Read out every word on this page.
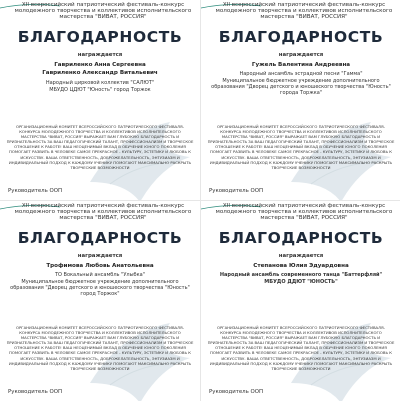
XII всероссийский патриотический фестиваль-конкурс молодежного творчества и коллективов исполнительского мастерства "ВИВАТ, РОССИЯ"
БЛАГОДАРНОСТЬ
награждается
Гавриленко Анна Сергеевна
Гавриленко Александр Витальевич
Народный цирковой коллектив "САЛЮТ"
МБУДО ЦДЮТ "Юность" город Торжок
ОРГАНИЗАЦИОННЫЙ КОМИТЕТ ВСЕРОССИЙСКОГО ПАТРИОТИЧЕСКОГО ФЕСТИВАЛЯ-КОНКУРСА МОЛОДЕЖНОГО ТВОРЧЕСТВА И КОЛЛЕКТИВОВ ИСПОЛНИТЕЛЬСКОГО МАСТЕРСТВА "ВИВАТ, РОССИЯ" ВЫРАЖАЕТ ВАМ ГЛУБОКУЮ БЛАГОДАРНОСТЬ И ПРИЗНАТЕЛЬНОСТЬ ЗА ВАШ ПЕДАГОГИЧЕСКИЙ ТАЛАНТ, ПРОФЕССИОНАЛИЗМ И ТВОРЧЕСКОЕ ОТНОШЕНИЕ К РАБОТЕ! ВАШ НЕОЦЕНИМЫЙ ВКЛАД В ОБУЧЕНИЕ ЮНОГО ПОКОЛЕНИЯ ПОМОГАЕТ РАЗВИТЬ В ЧЕЛОВЕКЕ САМОЕ ПРЕКРАСНОЕ - КУЛЬТУРУ, ЭСТЕТИКУ И ЛЮБОВЬ К ИСКУССТВУ. ВАША ОТВЕТСТВЕННОСТЬ, ДОБРОЖЕЛАТЕЛЬНОСТЬ, ЭНТУЗИАЗМ И ИНДИВИДУАЛЬНЫЙ ПОДХОД К КАЖДОМУ УЧЕНИКУ ПОМОГАЮТ МАКСИМАЛЬНО РАСКРЫТЬ ТВОРЧЕСКИЕ ВОЗМОЖНОСТИ
Руководитель ООП
XII всероссийский патриотический фестиваль-конкурс молодежного творчества и коллективов исполнительского мастерства "ВИВАТ, РОССИЯ"
БЛАГОДАРНОСТЬ
награждается
Гужель Валентина Андреевна
Народный ансамбль эстрадной песни "Гамма"
Муниципальное бюджетное учреждение дополнительного образования "Дворец детского и юношеского творчества "Юность" города Торжка"
ОРГАНИЗАЦИОННЫЙ КОМИТЕТ ВСЕРОССИЙСКОГО ПАТРИОТИЧЕСКОГО ФЕСТИВАЛЯ-КОНКУРСА МОЛОДЕЖНОГО ТВОРЧЕСТВА И КОЛЛЕКТИВОВ ИСПОЛНИТЕЛЬСКОГО МАСТЕРСТВА "ВИВАТ, РОССИЯ" ВЫРАЖАЕТ ВАМ ГЛУБОКУЮ БЛАГОДАРНОСТЬ И ПРИЗНАТЕЛЬНОСТЬ ЗА ВАШ ПЕДАГОГИЧЕСКИЙ ТАЛАНТ, ПРОФЕССИОНАЛИЗМ И ТВОРЧЕСКОЕ ОТНОШЕНИЕ К РАБОТЕ! ВАШ НЕОЦЕНИМЫЙ ВКЛАД В ОБУЧЕНИЕ ЮНОГО ПОКОЛЕНИЯ ПОМОГАЕТ РАЗВИТЬ В ЧЕЛОВЕКЕ САМОЕ ПРЕКРАСНОЕ - КУЛЬТУРУ, ЭСТЕТИКУ И ЛЮБОВЬ К ИСКУССТВУ. ВАША ОТВЕТСТВЕННОСТЬ, ДОБРОЖЕЛАТЕЛЬНОСТЬ, ЭНТУЗИАЗМ И ИНДИВИДУАЛЬНЫЙ ПОДХОД К КАЖДОМУ УЧЕНИКУ ПОМОГАЮТ МАКСИМАЛЬНО РАСКРЫТЬ ТВОРЧЕСКИЕ ВОЗМОЖНОСТИ
Руководитель ООП
XII всероссийский патриотический фестиваль-конкурс молодежного творчества и коллективов исполнительского мастерства "ВИВАТ, РОССИЯ"
БЛАГОДАРНОСТЬ
награждается
Трофимова Любовь Анатольевна
ТО Вокальный ансамбль "Улыбка"
Муниципальное бюджетное учреждение дополнительного образования "Дворец детского и юношеского творчества "Юность" город Торжок"
ОРГАНИЗАЦИОННЫЙ КОМИТЕТ ВСЕРОССИЙСКОГО ПАТРИОТИЧЕСКОГО ФЕСТИВАЛЯ-КОНКУРСА МОЛОДЕЖНОГО ТВОРЧЕСТВА И КОЛЛЕКТИВОВ ИСПОЛНИТЕЛЬСКОГО МАСТЕРСТВА "ВИВАТ, РОССИЯ" ВЫРАЖАЕТ ВАМ ГЛУБОКУЮ БЛАГОДАРНОСТЬ И ПРИЗНАТЕЛЬНОСТЬ ЗА ВАШ ПЕДАГОГИЧЕСКИЙ ТАЛАНТ, ПРОФЕССИОНАЛИЗМ И ТВОРЧЕСКОЕ ОТНОШЕНИЕ К РАБОТЕ! ВАШ НЕОЦЕНИМЫЙ ВКЛАД В ОБУЧЕНИЕ ЮНОГО ПОКОЛЕНИЯ ПОМОГАЕТ РАЗВИТЬ В ЧЕЛОВЕКЕ САМОЕ ПРЕКРАСНОЕ - КУЛЬТУРУ, ЭСТЕТИКУ И ЛЮБОВЬ К ИСКУССТВУ. ВАША ОТВЕТСТВЕННОСТЬ, ДОБРОЖЕЛАТЕЛЬНОСТЬ, ЭНТУЗИАЗМ И ИНДИВИДУАЛЬНЫЙ ПОДХОД К КАЖДОМУ УЧЕНИКУ ПОМОГАЮТ МАКСИМАЛЬНО РАСКРЫТЬ ТВОРЧЕСКИЕ ВОЗМОЖНОСТИ
Руководитель ООП
XII всероссийский патриотический фестиваль-конкурс молодежного творчества и коллективов исполнительского мастерства "ВИВАТ, РОССИЯ"
БЛАГОДАРНОСТЬ
награждается
Степанова Юлия Эдуардовна
Народный ансамбль современного танца "Баттерфляй"
МБУДО ДДЮТ "ЮНОСТЬ"
ОРГАНИЗАЦИОННЫЙ КОМИТЕТ ВСЕРОССИЙСКОГО ПАТРИОТИЧЕСКОГО ФЕСТИВАЛЯ-КОНКУРСА МОЛОДЕЖНОГО ТВОРЧЕСТВА И КОЛЛЕКТИВОВ ИСПОЛНИТЕЛЬСКОГО МАСТЕРСТВА "ВИВАТ, РОССИЯ" ВЫРАЖАЕТ ВАМ ГЛУБОКУЮ БЛАГОДАРНОСТЬ И ПРИЗНАТЕЛЬНОСТЬ ЗА ВАШ ПЕДАГОГИЧЕСКИЙ ТАЛАНТ, ПРОФЕССИОНАЛИЗМ И ТВОРЧЕСКОЕ ОТНОШЕНИЕ К РАБОТЕ! ВАШ НЕОЦЕНИМЫЙ ВКЛАД В ОБУЧЕНИЕ ЮНОГО ПОКОЛЕНИЯ ПОМОГАЕТ РАЗВИТЬ В ЧЕЛОВЕКЕ САМОЕ ПРЕКРАСНОЕ - КУЛЬТУРУ, ЭСТЕТИКУ И ЛЮБОВЬ К ИСКУССТВУ. ВАША ОТВЕТСТВЕННОСТЬ, ДОБРОЖЕЛАТЕЛЬНОСТЬ, ЭНТУЗИАЗМ И ИНДИВИДУАЛЬНЫЙ ПОДХОД К КАЖДОМУ УЧЕНИКУ ПОМОГАЮТ МАКСИМАЛЬНО РАСКРЫТЬ ТВОРЧЕСКИЕ ВОЗМОЖНОСТИ
Руководитель ООП
